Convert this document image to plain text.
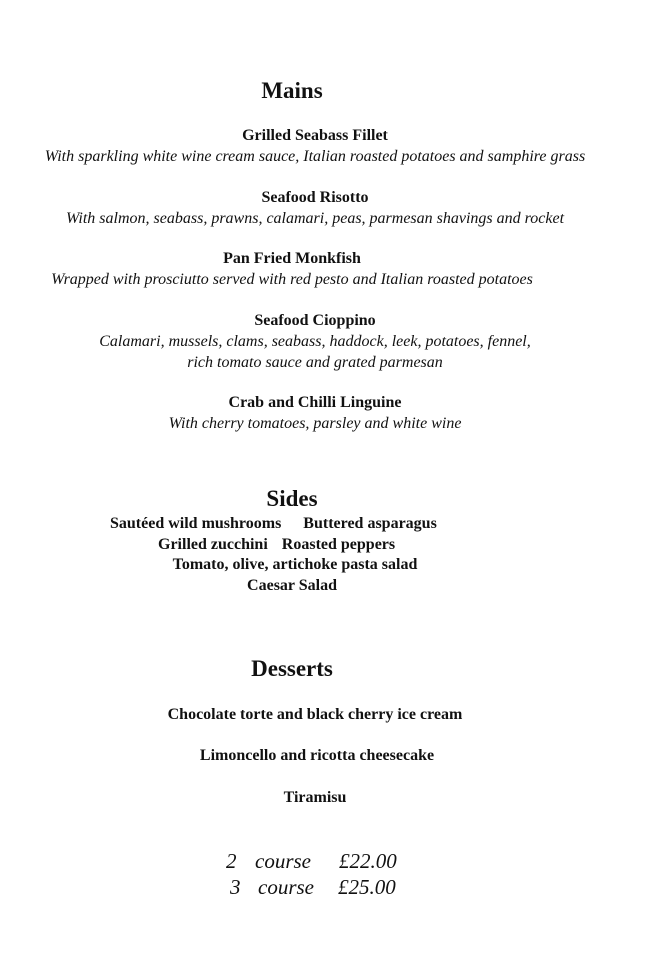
Mains
Grilled Seabass Fillet
With sparkling white wine cream sauce, Italian roasted potatoes and samphire grass
Seafood Risotto
With salmon, seabass, prawns, calamari, peas, parmesan shavings and rocket
Pan Fried Monkfish
Wrapped with prosciutto served with red pesto and Italian roasted potatoes
Seafood Cioppino
Calamari, mussels, clams, seabass, haddock, leek, potatoes, fennel,
rich tomato sauce and grated parmesan
Crab and Chilli Linguine
With cherry tomatoes, parsley and white wine
Sides
Sautéed wild mushrooms Buttered asparagus
Grilled zucchini Roasted peppers
Tomato, olive, artichoke pasta salad
Caesar Salad
Desserts
Chocolate torte and black cherry ice cream
Limoncello and ricotta cheesecake
Tiramisu
2 course £22.00
3 course £25.00
